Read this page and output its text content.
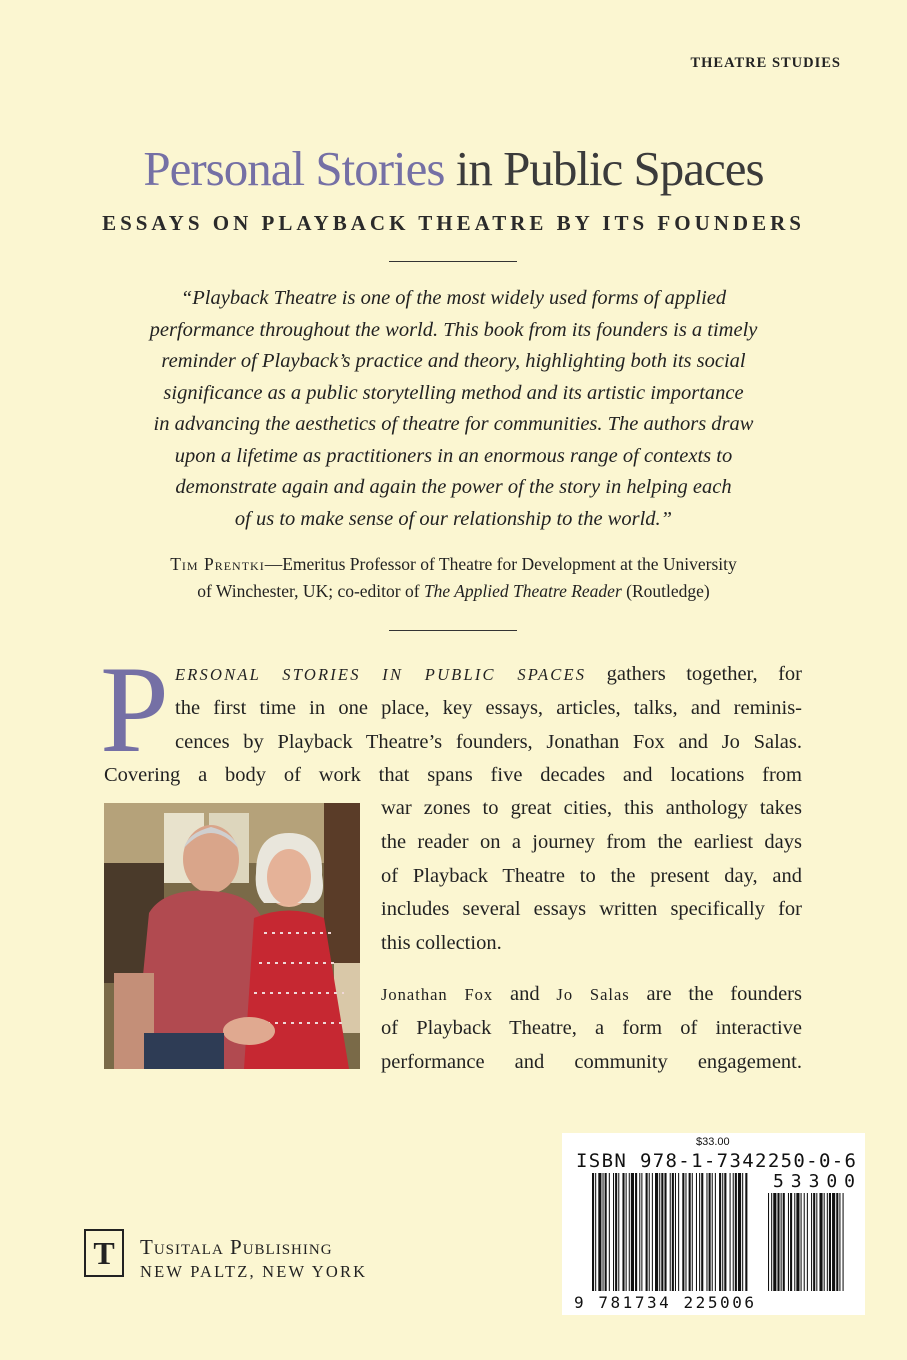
THEATRE STUDIES
Personal Stories in Public Spaces
ESSAYS ON PLAYBACK THEATRE BY ITS FOUNDERS
“Playback Theatre is one of the most widely used forms of applied
performance throughout the world. This book from its founders is a timely
reminder of Playback’s practice and theory, highlighting both its social
significance as a public storytelling method and its artistic importance
in advancing the aesthetics of theatre for communities. The authors draw
upon a lifetime as practitioners in an enormous range of contexts to
demonstrate again and again the power of the story in helping each
of us to make sense of our relationship to the world.”
Tim Prentki—Emeritus Professor of Theatre for Development at the University
of Winchester, UK; co-editor of The Applied Theatre Reader (Routledge)
P ERSONAL STORIES IN PUBLIC SPACES gathers together, for
the first time in one place, key essays, articles, talks, and reminis-
cences by Playback Theatre’s founders, Jonathan Fox and Jo Salas.
Covering a body of work that spans five decades and locations from
war zones to great cities, this anthology takes
the reader on a journey from the earliest days
of Playback Theatre to the present day, and
includes several essays written specifically for
this collection.
Jonathan Fox and Jo Salas are the founders
of Playback Theatre, a form of interactive
performance and community engagement.
$33.00
ISBN 978-1-7342250-0-6
53300
9 781734 225006
T	Tusitala Publishing
NEW PALTZ, NEW YORK
